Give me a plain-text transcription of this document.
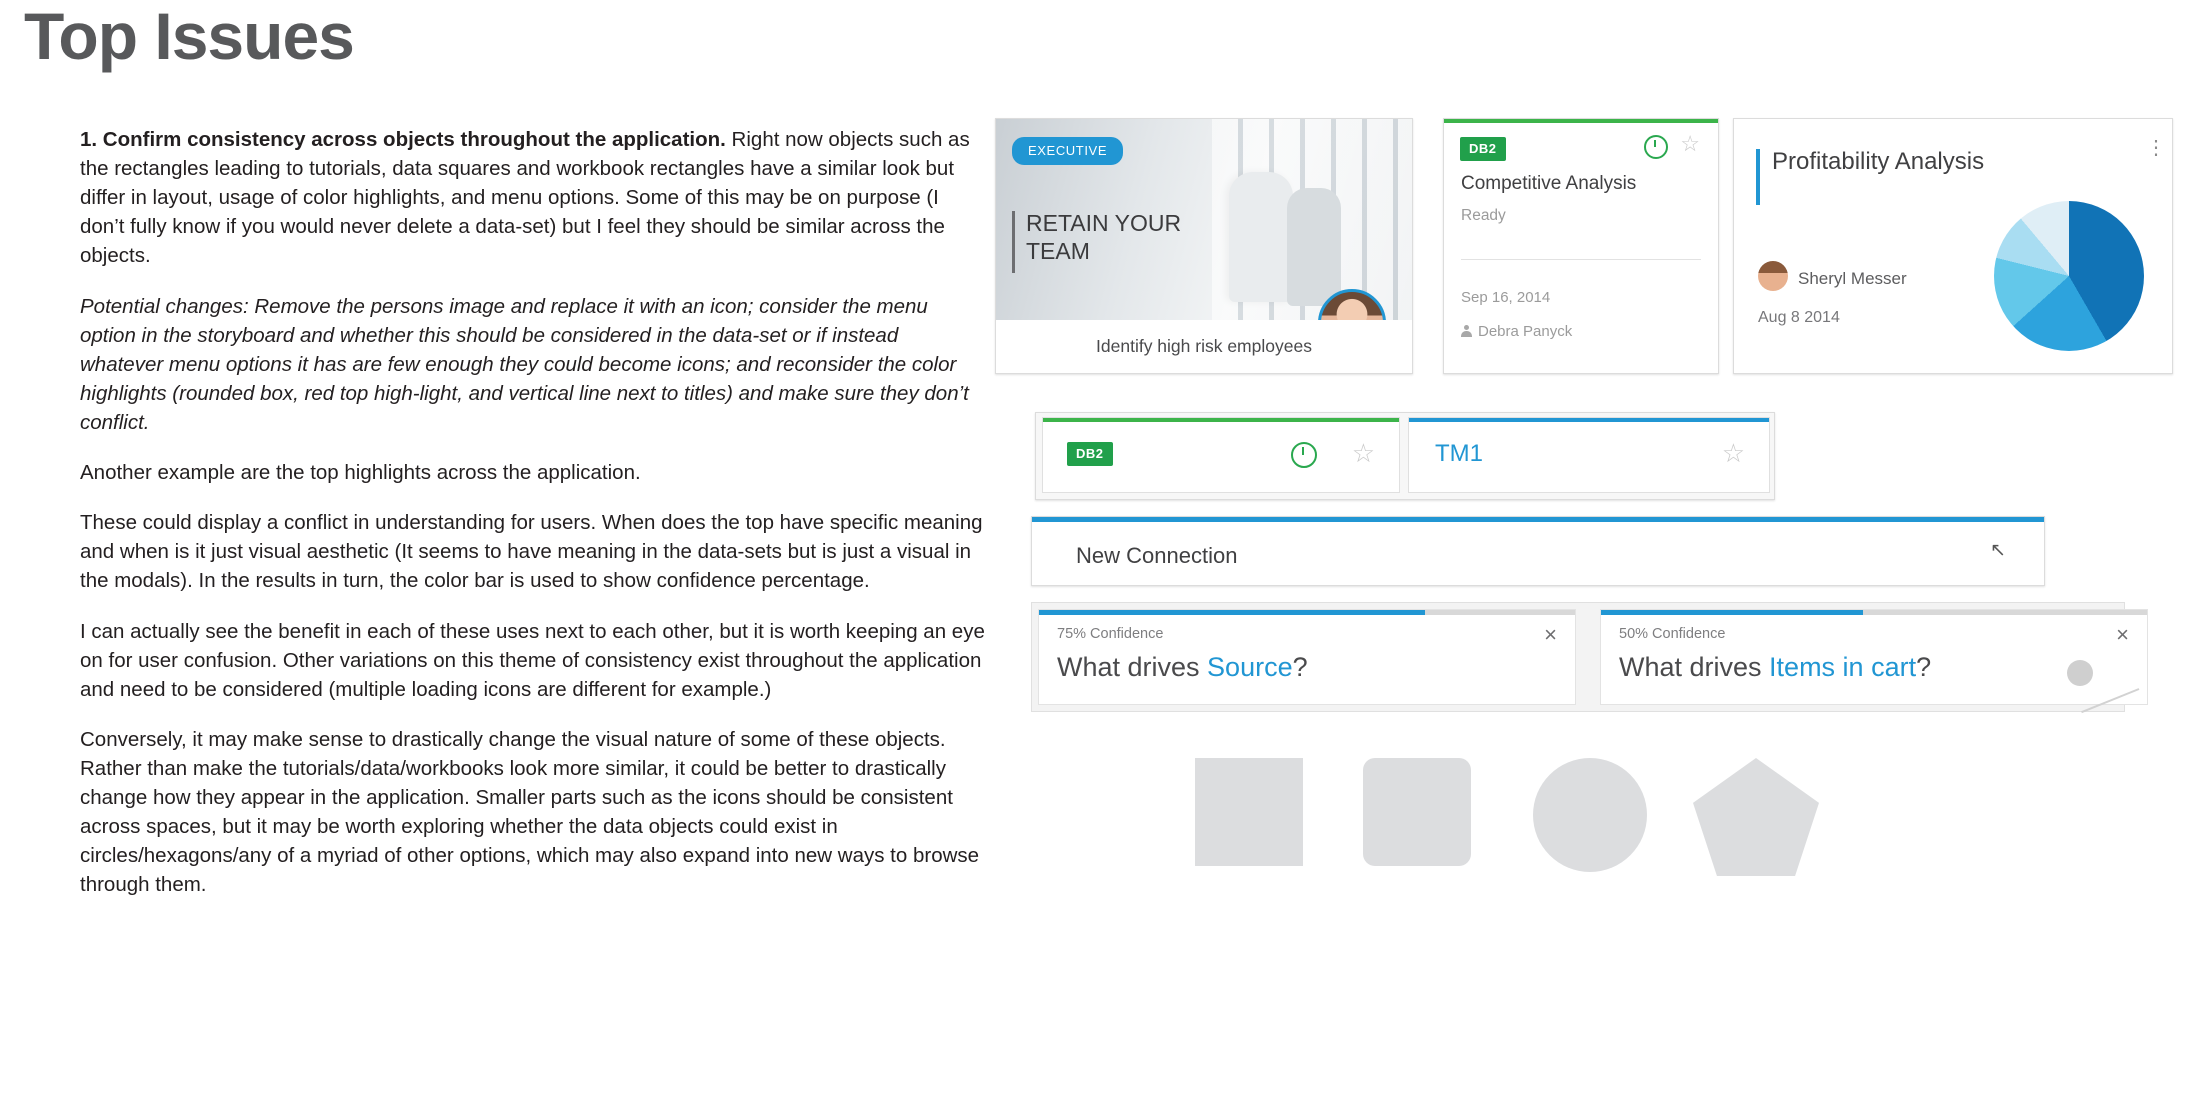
Top Issues

1. Confirm consistency across objects throughout the application. Right now objects such as the rectangles leading to tutorials, data squares and workbook rectangles have a similar look but differ in layout, usage of color highlights, and menu options. Some of this may be on purpose (I don’t fully know if you would never delete a data-set) but I feel they should be similar across the objects.

Potential changes: Remove the persons image and replace it with an icon; consider the menu option in the storyboard and whether this should be considered in the data-set or if instead whatever menu options it has are few enough they could become icons; and reconsider the color highlights (rounded box, red top high-light, and vertical line next to titles) and make sure they don’t conflict.

Another example are the top highlights across the application.

These could display a conflict in understanding for users. When does the top have specific meaning and when is it just visual aesthetic (It seems to have meaning in the data-sets but is just a visual in the modals). In the results in turn, the color bar is used to show confidence percentage.

I can actually see the benefit in each of these uses next to each other, but it is worth keeping an eye on for user confusion. Other variations on this theme of consistency exist throughout the application and need to be considered (multiple loading icons are different for example.)

Conversely, it may make sense to drastically change the visual nature of some of these objects. Rather than make the tutorials/data/workbooks look more similar, it could be better to drastically change how they appear in the application. Smaller parts such as the icons should be consistent across spaces, but it may be worth exploring whether the data objects could exist in circles/hexagons/any of a myriad of other options, which may also expand into new ways to browse through them.

EXECUTIVE
RETAIN YOUR TEAM
Identify high risk employees
DB2	☆
Competitive Analysis
Ready
Sep 16, 2014
Debra Panyck
Profitability Analysis	⋮
Sheryl Messer
Aug 8 2014
DB2	☆	TM1	☆
New Connection	↖
75% Confidence	×
What drives Source?
50% Confidence	×
What drives Items in cart?
